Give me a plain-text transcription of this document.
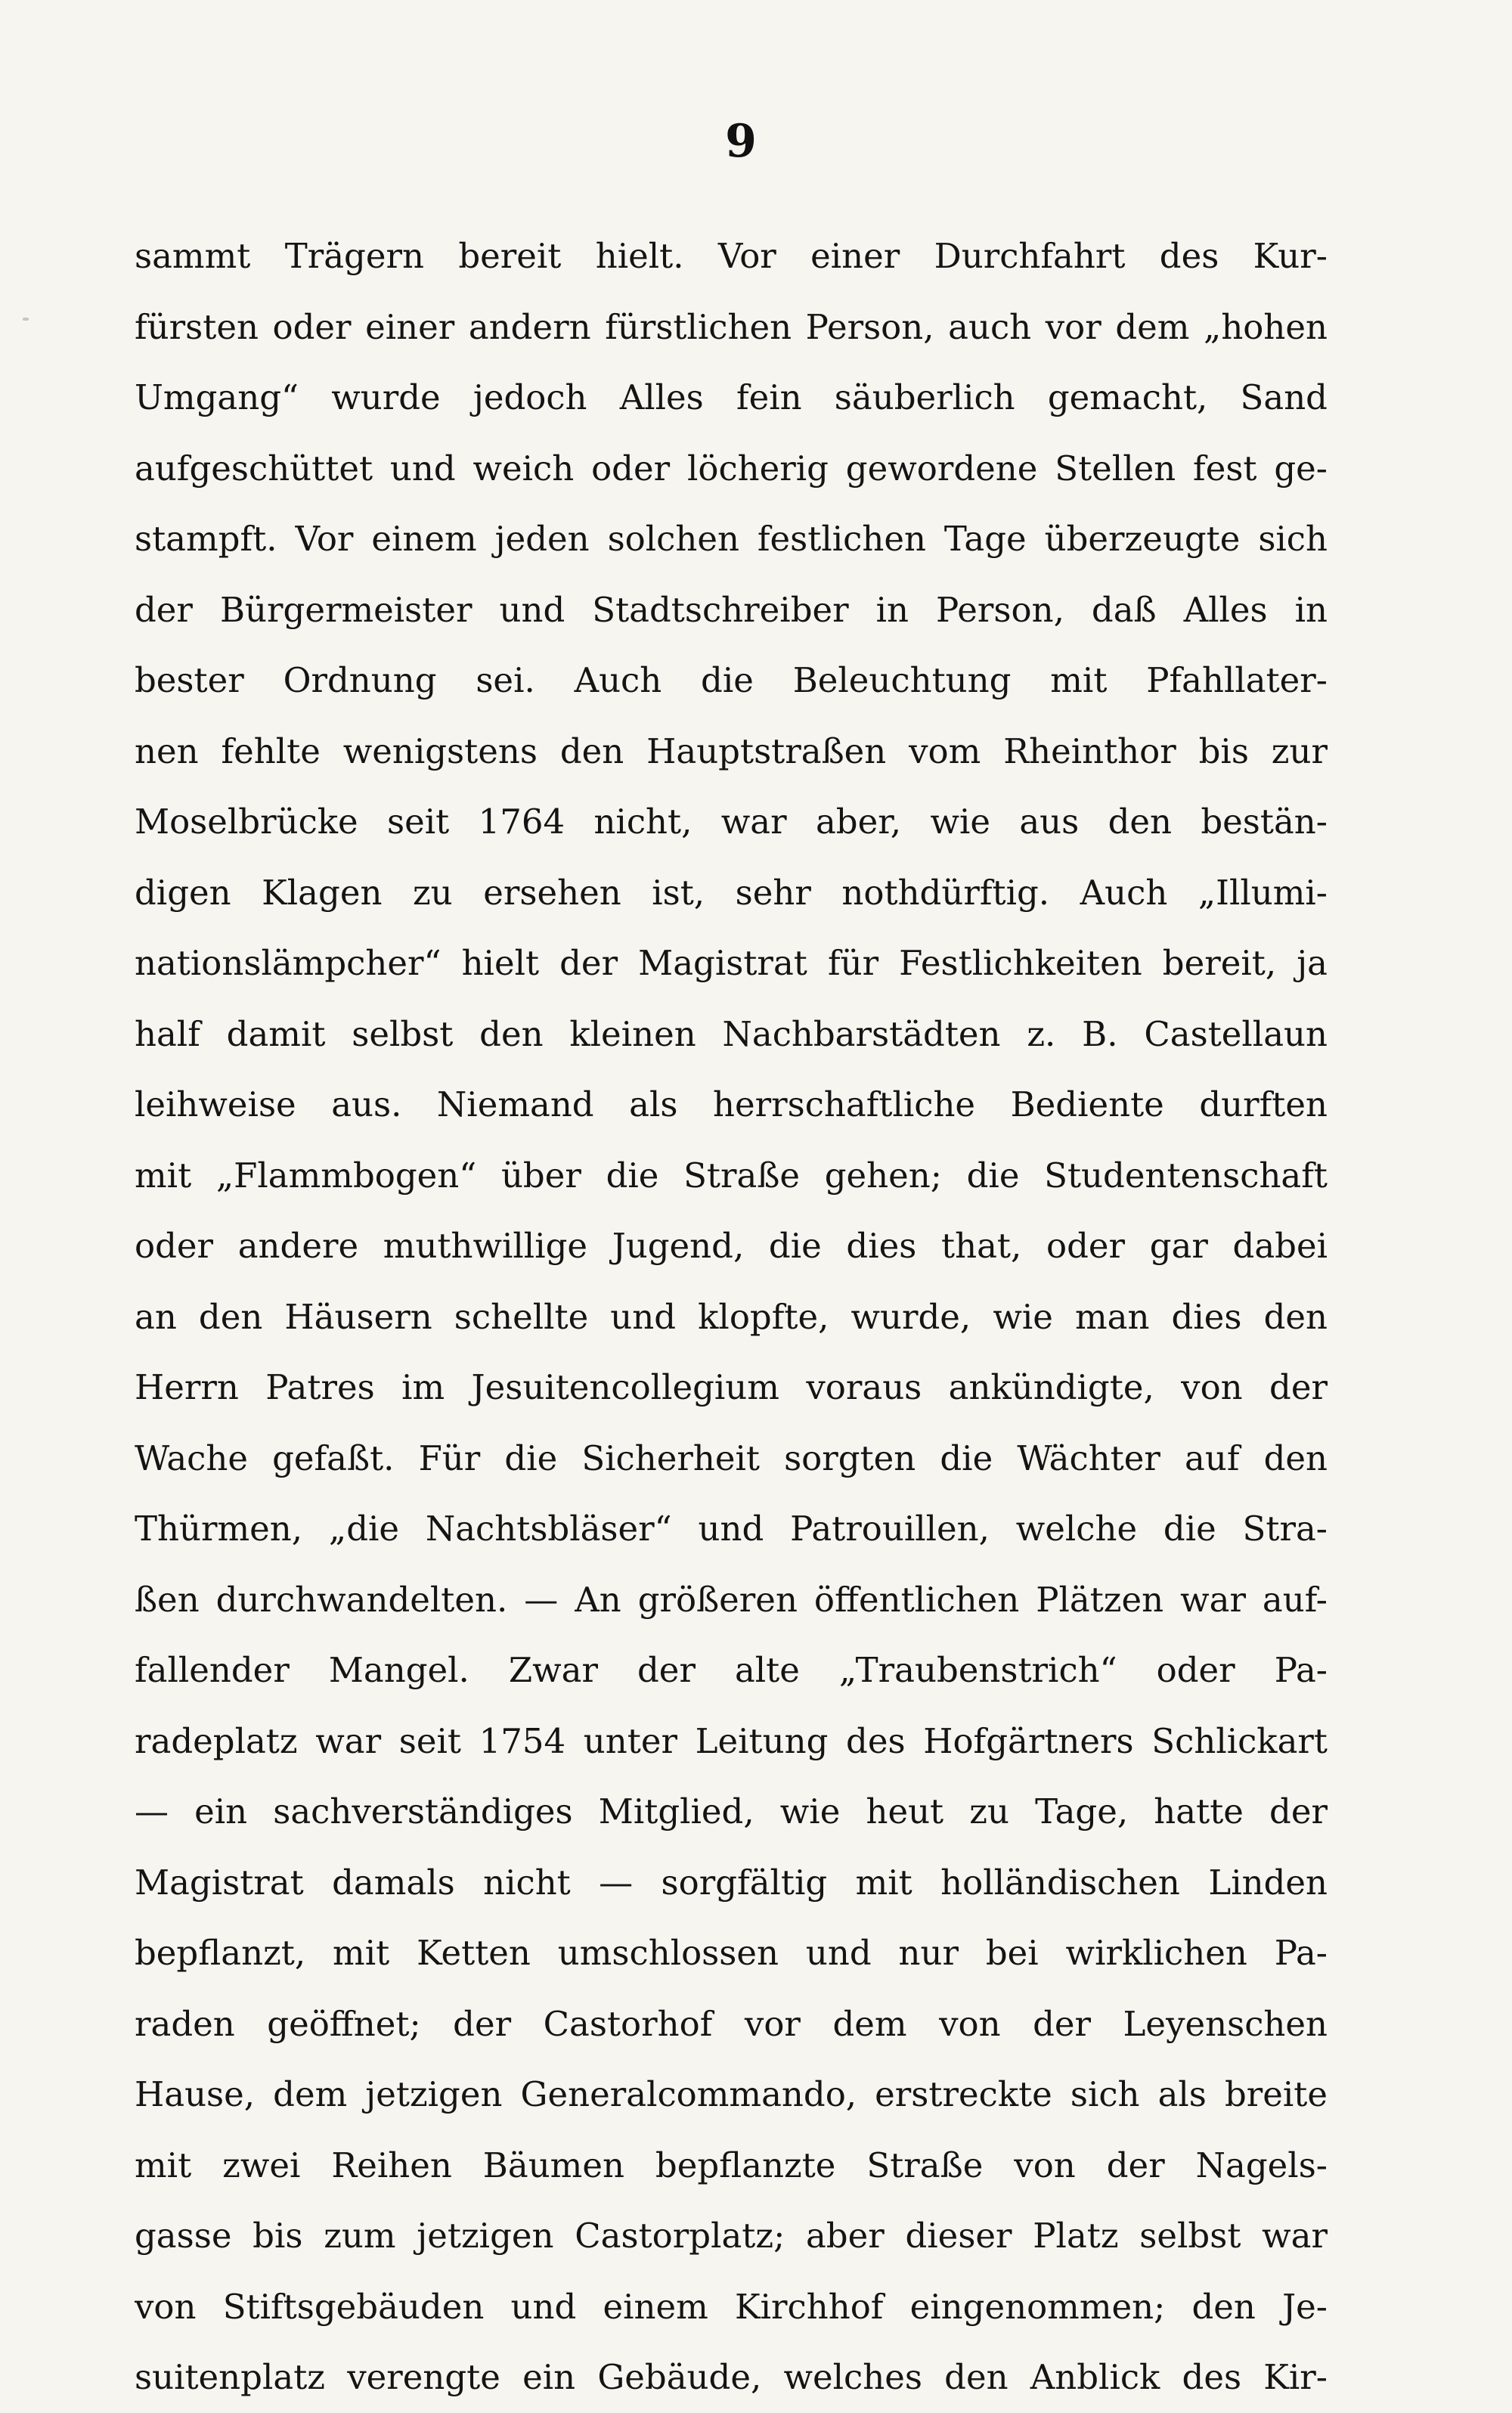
9

sammt Trägern bereit hielt. Vor einer Durchfahrt des Kur-
fürsten oder einer andern fürstlichen Person, auch vor dem „hohen
Umgang“ wurde jedoch Alles fein säuberlich gemacht, Sand
aufgeschüttet und weich oder löcherig gewordene Stellen fest ge-
stampft. Vor einem jeden solchen festlichen Tage überzeugte sich
der Bürgermeister und Stadtschreiber in Person, daß Alles in
bester Ordnung sei. Auch die Beleuchtung mit Pfahllater-
nen fehlte wenigstens den Hauptstraßen vom Rheinthor bis zur
Moselbrücke seit 1764 nicht, war aber, wie aus den bestän-
digen Klagen zu ersehen ist, sehr nothdürftig. Auch „Illumi-
nationslämpcher“ hielt der Magistrat für Festlichkeiten bereit, ja
half damit selbst den kleinen Nachbarstädten z. B. Castellaun
leihweise aus. Niemand als herrschaftliche Bediente durften
mit „Flammbogen“ über die Straße gehen; die Studentenschaft
oder andere muthwillige Jugend, die dies that, oder gar dabei
an den Häusern schellte und klopfte, wurde, wie man dies den
Herrn Patres im Jesuitencollegium voraus ankündigte, von der
Wache gefaßt. Für die Sicherheit sorgten die Wächter auf den
Thürmen, „die Nachtsbläser“ und Patrouillen, welche die Stra-
ßen durchwandelten. — An größeren öffentlichen Plätzen war auf-
fallender Mangel. Zwar der alte „Traubenstrich“ oder Pa-
radeplatz war seit 1754 unter Leitung des Hofgärtners Schlickart
— ein sachverständiges Mitglied, wie heut zu Tage, hatte der
Magistrat damals nicht — sorgfältig mit holländischen Linden
bepflanzt, mit Ketten umschlossen und nur bei wirklichen Pa-
raden geöffnet; der Castorhof vor dem von der Leyenschen
Hause, dem jetzigen Generalcommando, erstreckte sich als breite
mit zwei Reihen Bäumen bepflanzte Straße von der Nagels-
gasse bis zum jetzigen Castorplatz; aber dieser Platz selbst war
von Stiftsgebäuden und einem Kirchhof eingenommen; den Je-
suitenplatz verengte ein Gebäude, welches den Anblick des Kir-
